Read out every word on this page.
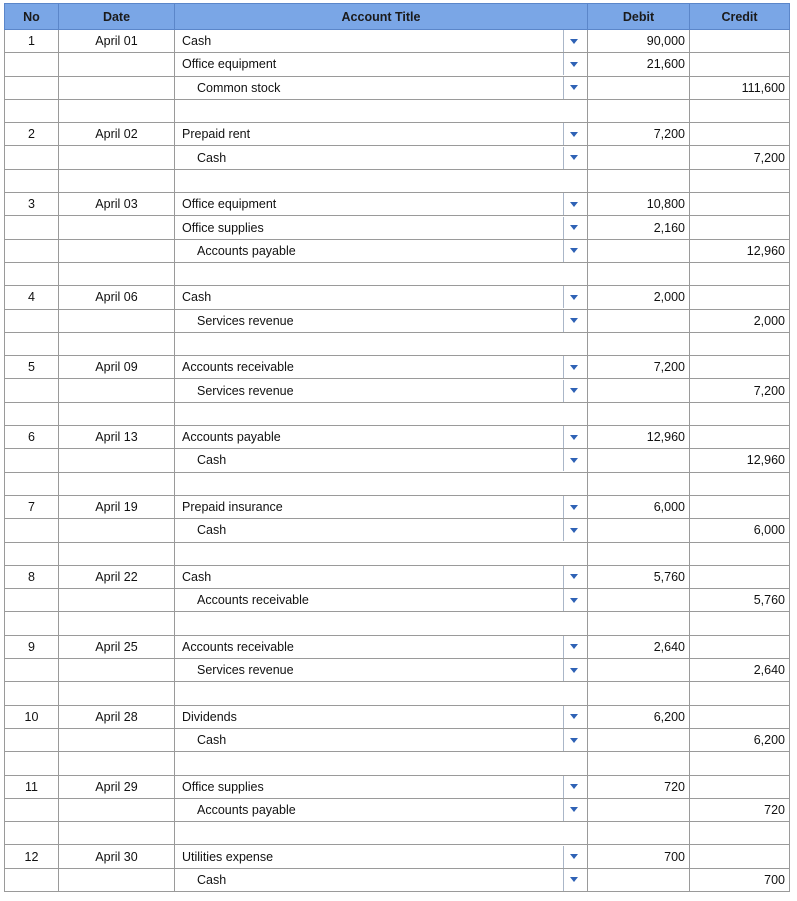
No	Date	Account Title	Debit	Credit
1	April 01	Cash	90,000	

		Office equipment	21,600	

		Common stock		111,600

2	April 02	Prepaid rent	7,200	

		Cash		7,200

3	April 03	Office equipment	10,800	

		Office supplies	2,160	

		Accounts payable		12,960

4	April 06	Cash	2,000	

		Services revenue		2,000

5	April 09	Accounts receivable	7,200	

		Services revenue		7,200

6	April 13	Accounts payable	12,960	

		Cash		12,960

7	April 19	Prepaid insurance	6,000	

		Cash		6,000

8	April 22	Cash	5,760	

		Accounts receivable		5,760

9	April 25	Accounts receivable	2,640	

		Services revenue		2,640

10	April 28	Dividends	6,200	

		Cash		6,200

11	April 29	Office supplies	720	

		Accounts payable		720

12	April 30	Utilities expense	700	

		Cash		700
